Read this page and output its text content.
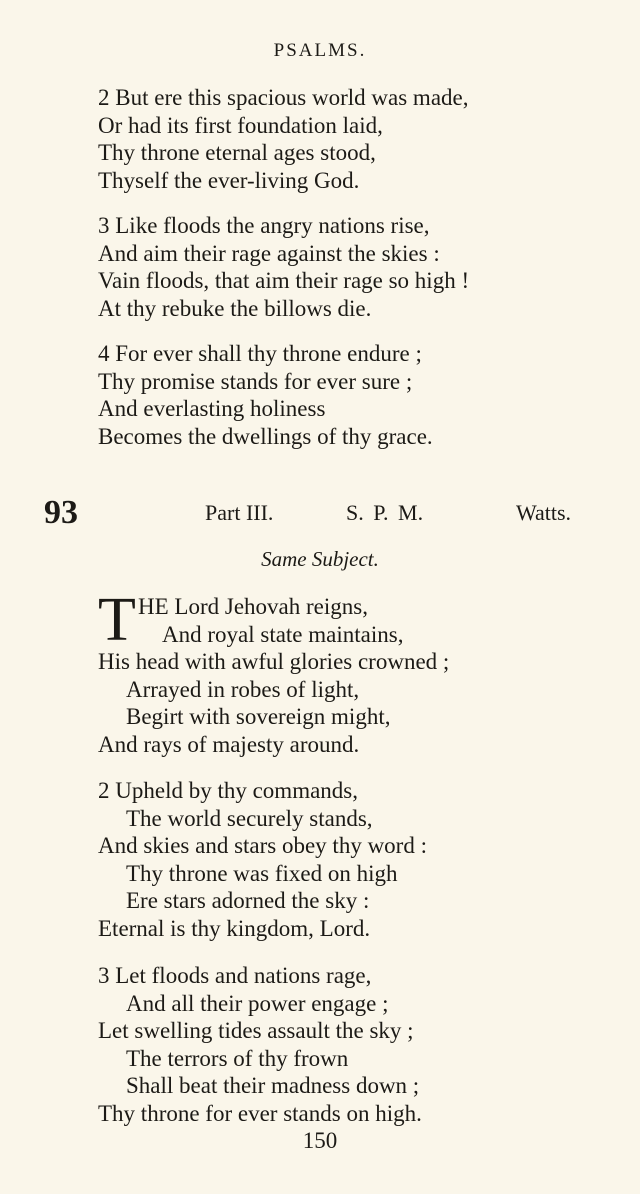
PSALMS.
2 But ere this spacious world was made,
Or had its first foundation laid,
Thy throne eternal ages stood,
Thyself the ever-living God.
3 Like floods the angry nations rise,
And aim their rage against the skies :
Vain floods, that aim their rage so high !
At thy rebuke the billows die.
4 For ever shall thy throne endure ;
Thy promise stands for ever sure ;
And everlasting holiness
Becomes the dwellings of thy grace.
93	Part III.	S. P. M.	Watts.
Same Subject.
T HE Lord Jehovah reigns,
And royal state maintains,
His head with awful glories crowned ;
Arrayed in robes of light,
Begirt with sovereign might,
And rays of majesty around.
2 Upheld by thy commands,
The world securely stands,
And skies and stars obey thy word :
Thy throne was fixed on high
Ere stars adorned the sky :
Eternal is thy kingdom, Lord.
3 Let floods and nations rage,
And all their power engage ;
Let swelling tides assault the sky ;
The terrors of thy frown
Shall beat their madness down ;
Thy throne for ever stands on high.
150
